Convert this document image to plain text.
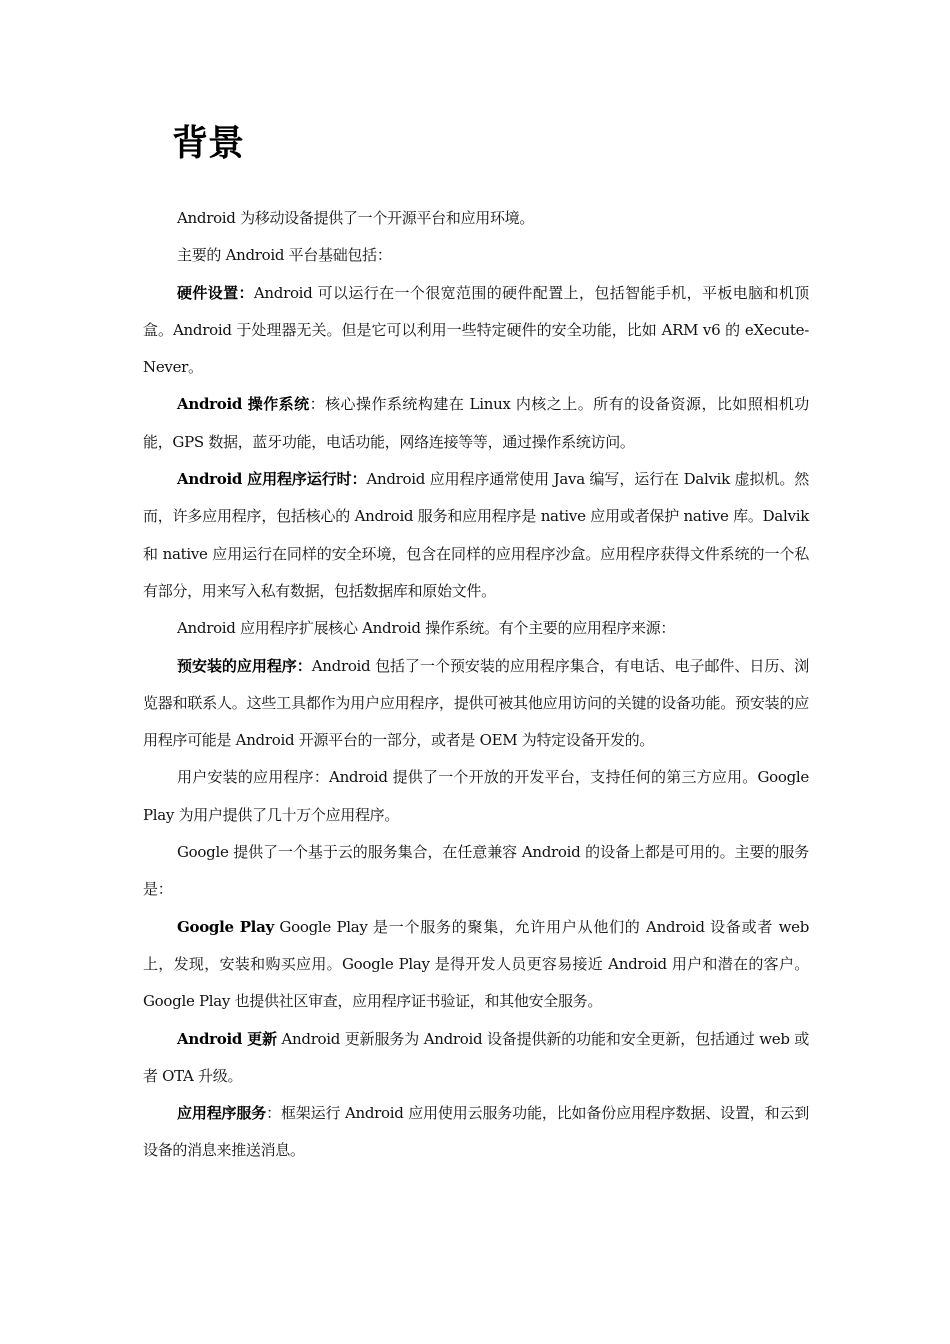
背景

Android 为移动设备提供了一个开源平台和应用环境。

主要的 Android 平台基础包括：

硬件设置：Android 可以运行在一个很宽范围的硬件配置上，包括智能手机，平板电脑和机顶盒。Android 于处理器无关。但是它可以利用一些特定硬件的安全功能，比如 ARM v6 的 eXecute-Never。

Android 操作系统：核心操作系统构建在 Linux 内核之上。所有的设备资源，比如照相机功能，GPS 数据，蓝牙功能，电话功能，网络连接等等，通过操作系统访问。

Android 应用程序运行时：Android 应用程序通常使用 Java 编写，运行在 Dalvik 虚拟机。然而，许多应用程序，包括核心的 Android 服务和应用程序是 native 应用或者保护 native 库。Dalvik 和 native 应用运行在同样的安全环境，包含在同样的应用程序沙盒。应用程序获得文件系统的一个私有部分，用来写入私有数据，包括数据库和原始文件。

Android 应用程序扩展核心 Android 操作系统。有个主要的应用程序来源：

预安装的应用程序：Android 包括了一个预安装的应用程序集合，有电话、电子邮件、日历、浏览器和联系人。这些工具都作为用户应用程序，提供可被其他应用访问的关键的设备功能。预安装的应用程序可能是 Android 开源平台的一部分，或者是 OEM 为特定设备开发的。

用户安装的应用程序：Android 提供了一个开放的开发平台，支持任何的第三方应用。Google Play 为用户提供了几十万个应用程序。

Google 提供了一个基于云的服务集合，在任意兼容 Android 的设备上都是可用的。主要的服务是：

Google Play Google Play 是一个服务的聚集，允许用户从他们的 Android 设备或者 web 上，发现，安装和购买应用。Google Play 是得开发人员更容易接近 Android 用户和潜在的客户。Google Play 也提供社区审查，应用程序证书验证，和其他安全服务。

Android 更新 Android 更新服务为 Android 设备提供新的功能和安全更新，包括通过 web 或者 OTA 升级。

应用程序服务：框架运行 Android 应用使用云服务功能，比如备份应用程序数据、设置，和云到设备的消息来推送消息。
